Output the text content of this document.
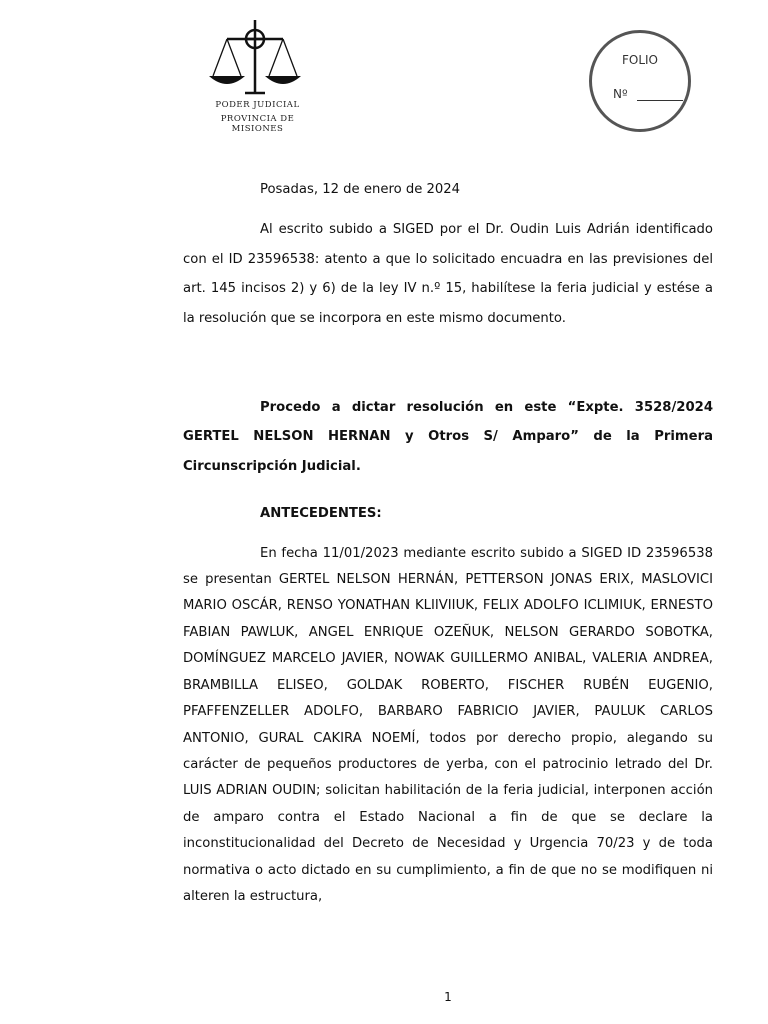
PODER JUDICIAL
PROVINCIA DE MISIONES
FOLIO
Nº

Posadas, 12 de enero de 2024

Al escrito subido a SIGED por el Dr. Oudin Luis Adrián identificado con el ID 23596538: atento a que lo solicitado encuadra en las previsiones del art. 145 incisos 2) y 6) de la ley IV n.º 15, habilítese la feria judicial y estése a la resolución que se incorpora en este mismo documento.

Procedo a dictar resolución en este “Expte. 3528/2024 GERTEL NELSON HERNAN y Otros S/ Amparo” de la Primera Circunscripción Judicial.

ANTECEDENTES:

En fecha 11/01/2023 mediante escrito subido a SIGED ID 23596538 se presentan GERTEL NELSON HERNÁN, PETTERSON JONAS ERIX, MASLOVICI MARIO OSCÁR, RENSO YONATHAN KLIIVIIUK, FELIX ADOLFO ICLIMIUK, ERNESTO FABIAN PAWLUK, ANGEL ENRIQUE OZEÑUK, NELSON GERARDO SOBOTKA, DOMÍNGUEZ MARCELO JAVIER, NOWAK GUILLERMO ANIBAL, VALERIA ANDREA, BRAMBILLA ELISEO, GOLDAK ROBERTO, FISCHER RUBÉN EUGENIO, PFAFFENZELLER ADOLFO, BARBARO FABRICIO JAVIER, PAULUK CARLOS ANTONIO, GURAL CAKIRA NOEMÍ, todos por derecho propio, alegando su carácter de pequeños productores de yerba, con el patrocinio letrado del Dr. LUIS ADRIAN OUDIN; solicitan habilitación de la feria judicial, interponen acción de amparo contra el Estado Nacional a fin de que se declare la inconstitucionalidad del Decreto de Necesidad y Urgencia 70/23 y de toda normativa o acto dictado en su cumplimiento, a fin de que no se modifiquen ni alteren la estructura,

1
